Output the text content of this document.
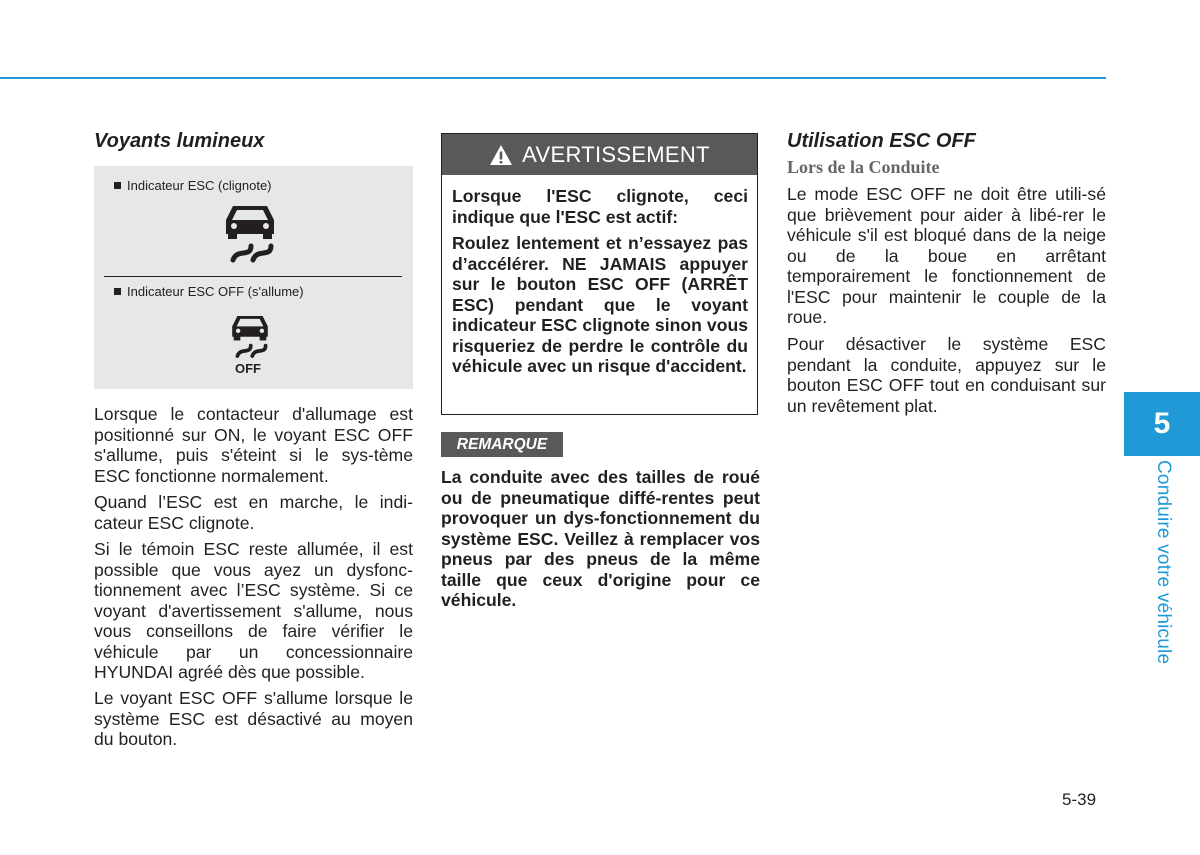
Voyants lumineux
Indicateur ESC (clignote)
Indicateur ESC OFF (s'allume)
OFF

Lorsque le contacteur d'allumage est positionné sur ON, le voyant ESC OFF s'allume, puis s'éteint si le sys-tème ESC fonctionne normalement.

Quand l’ESC est en marche, le indi-cateur ESC clignote.

Si le témoin ESC reste allumée, il est possible que vous ayez un dysfonc-tionnement avec l’ESC système. Si ce voyant d'avertissement s'allume, nous vous conseillons de faire vérifier le véhicule par un concessionnaire HYUNDAI agréé dès que possible.

Le voyant ESC OFF s'allume lorsque le système ESC est désactivé au moyen du bouton.

AVERTISSEMENT

Lorsque l'ESC clignote, ceci indique que l'ESC est actif:

Roulez lentement et n’essayez pas d’accélérer. NE JAMAIS appuyer sur le bouton ESC OFF (ARRÊT ESC) pendant que le voyant indicateur ESC clignote sinon vous risqueriez de perdre le contrôle du véhicule avec un risque d'accident.

REMARQUE

La conduite avec des tailles de roué ou de pneumatique diffé-rentes peut provoquer un dys-fonctionnement du système ESC. Veillez à remplacer vos pneus par des pneus de la même taille que ceux d'origine pour ce véhicule.

Utilisation ESC OFF
Lors de la Conduite

Le mode ESC OFF ne doit être utili-sé que brièvement pour aider à libé-rer le véhicule s'il est bloqué dans de la neige ou de la boue en arrêtant temporairement le fonctionnement de l'ESC pour maintenir le couple de la roue.

Pour désactiver le système ESC pendant la conduite, appuyez sur le bouton ESC OFF tout en conduisant sur un revêtement plat.

5
Conduire votre véhicule
5-39
